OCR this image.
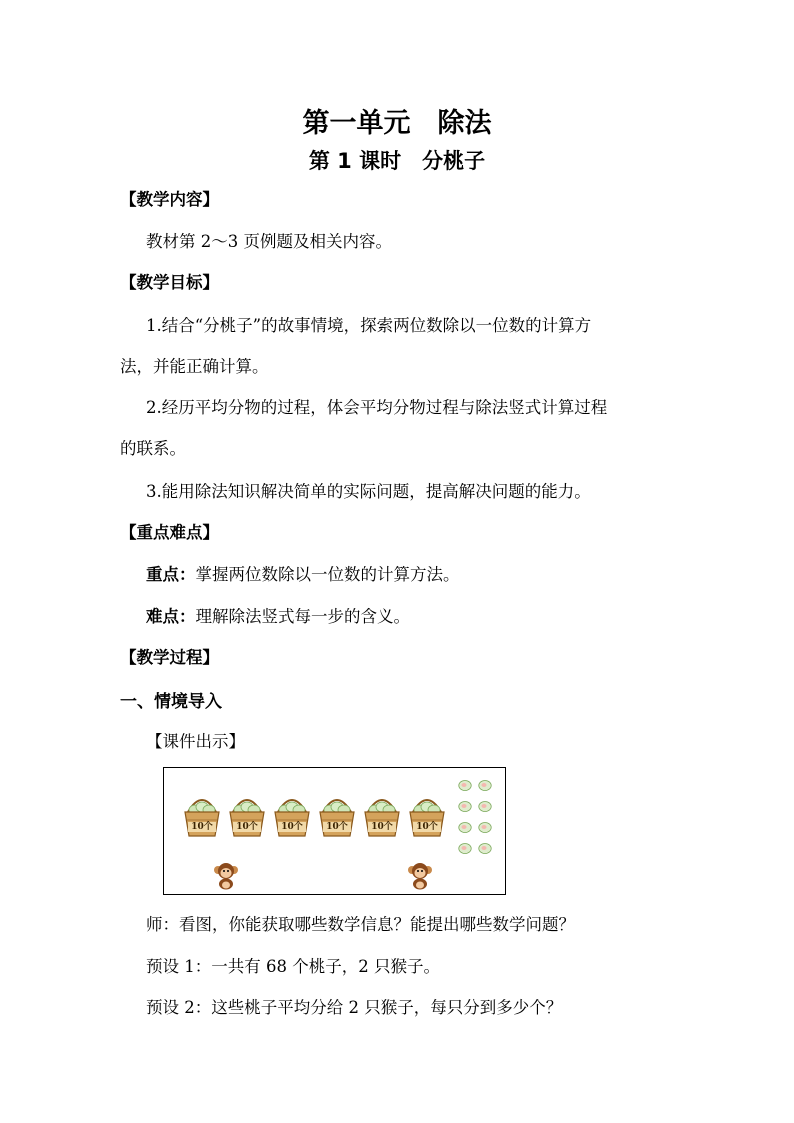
第一单元　除法
第 1 课时　分桃子
【教学内容】
教材第 2～3 页例题及相关内容。
【教学目标】
1.结合“分桃子”的故事情境，探索两位数除以一位数的计算方
法，并能正确计算。
2.经历平均分物的过程，体会平均分物过程与除法竖式计算过程
的联系。
3.能用除法知识解决简单的实际问题，提高解决问题的能力。
【重点难点】
重点：掌握两位数除以一位数的计算方法。
难点：理解除法竖式每一步的含义。
【教学过程】
一、情境导入
【课件出示】
10个	10个	10个	10个	10个	10个
师：看图，你能获取哪些数学信息？能提出哪些数学问题？
预设 1：一共有 68 个桃子，2 只猴子。
预设 2：这些桃子平均分给 2 只猴子，每只分到多少个？
